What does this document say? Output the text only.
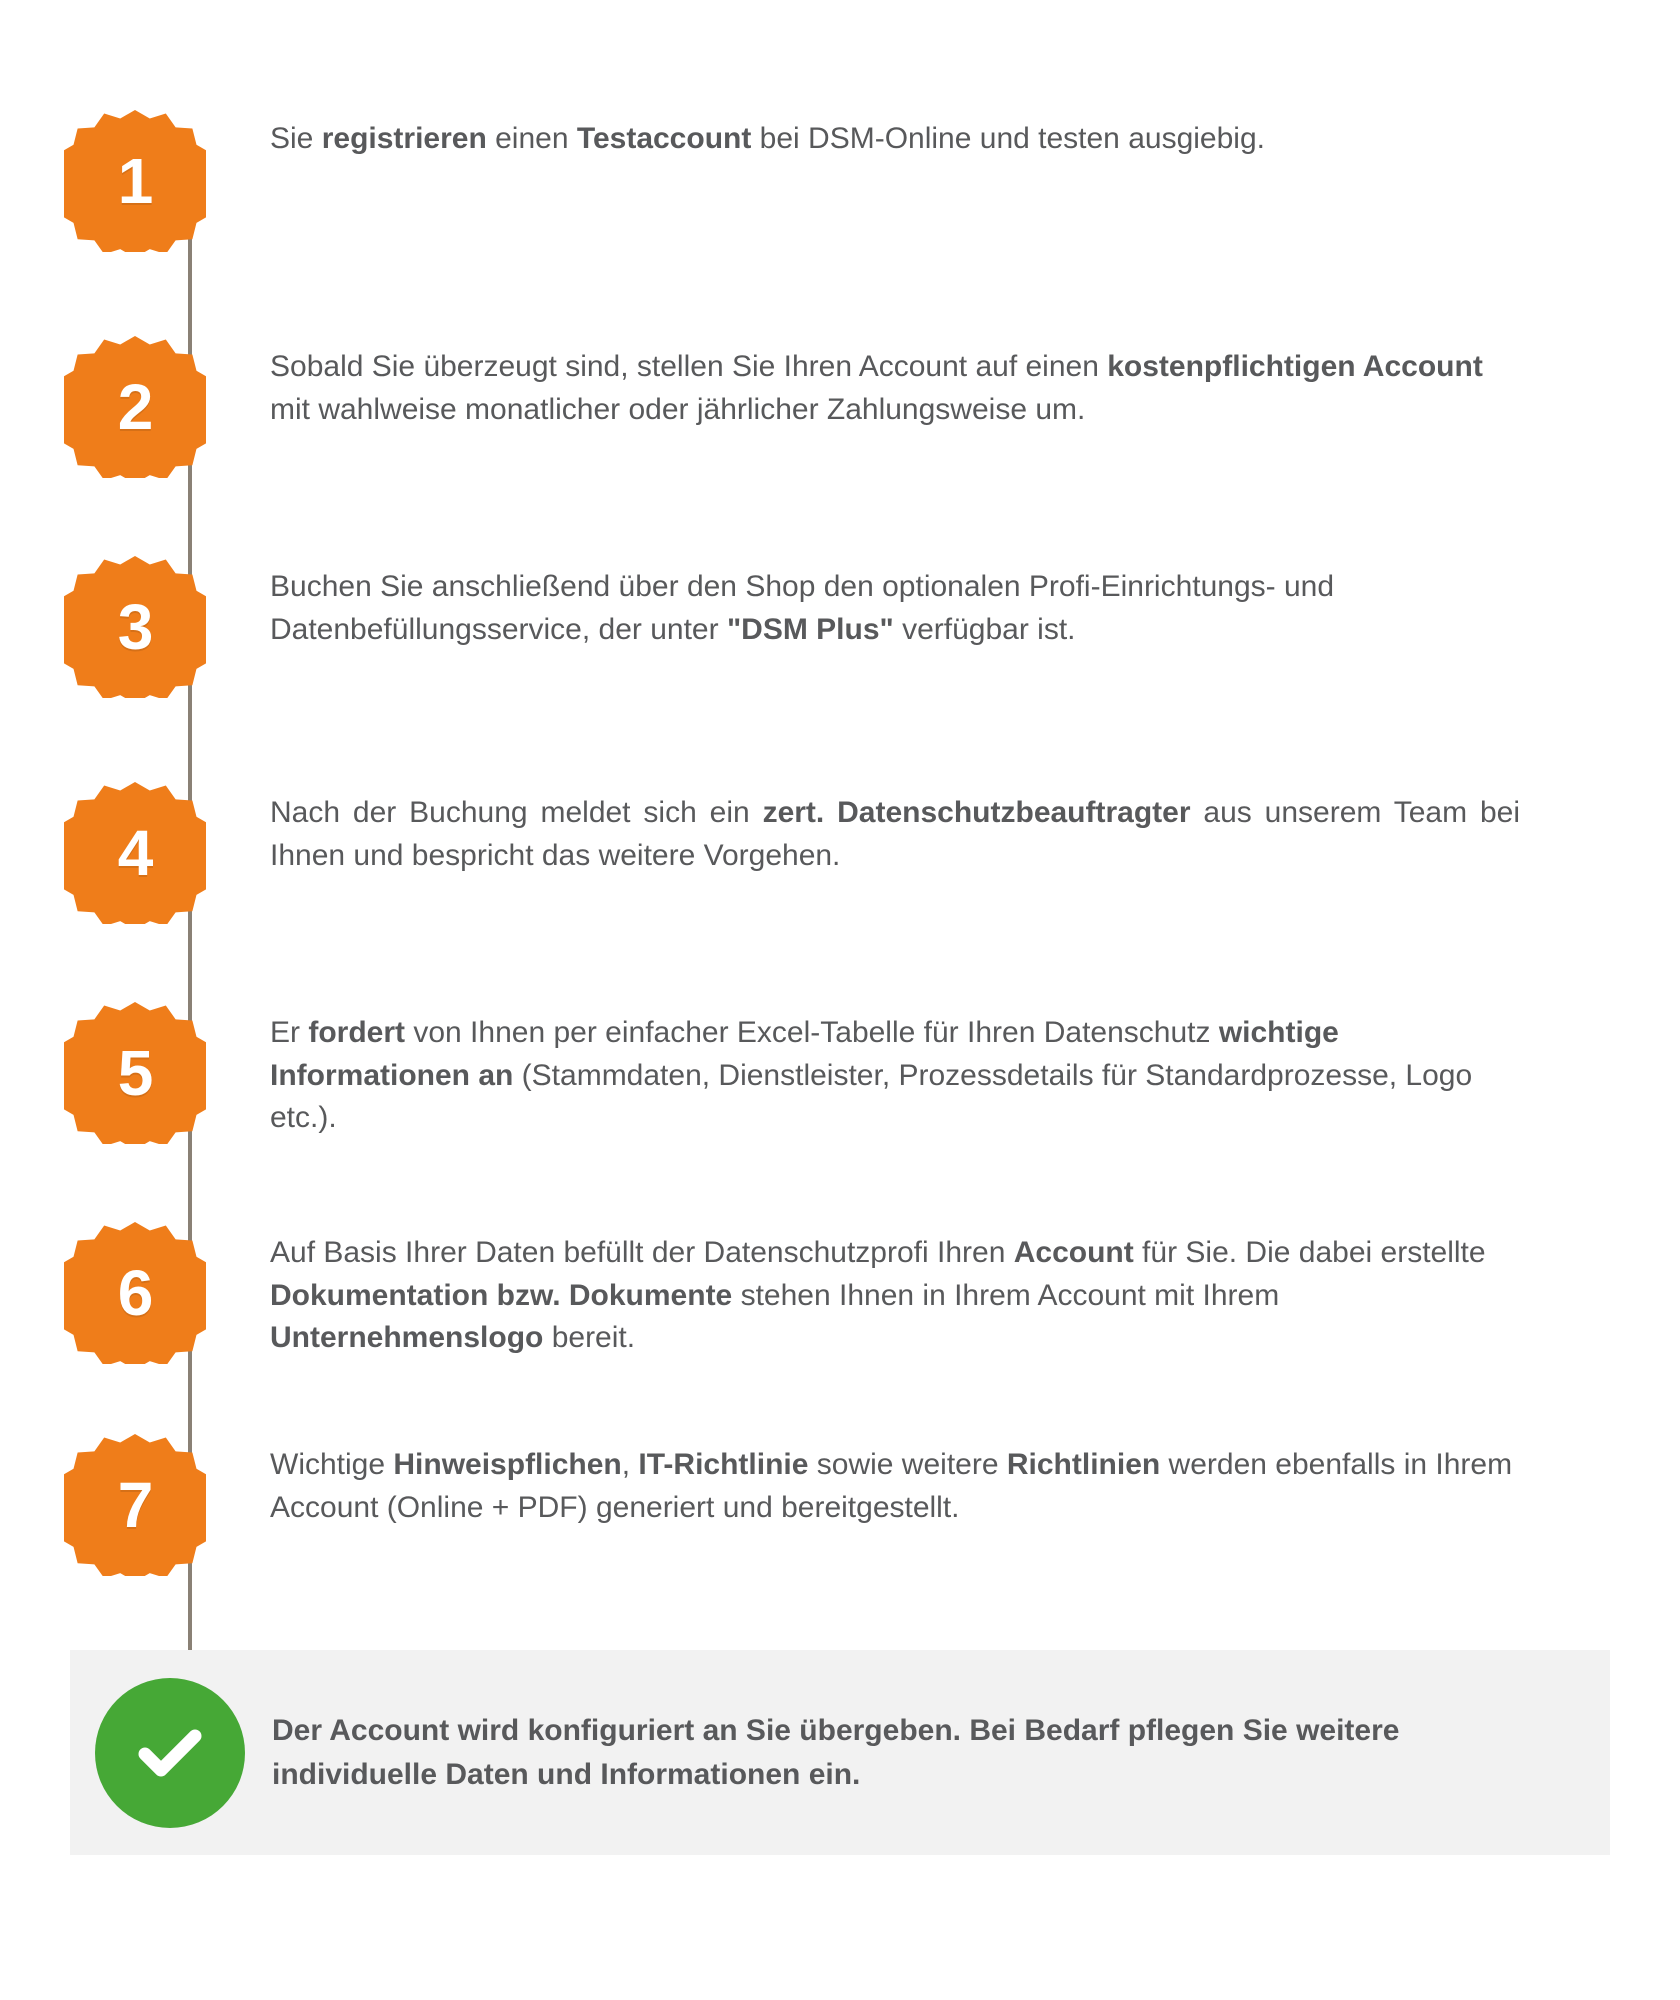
1
Sie registrieren einen Testaccount bei DSM-Online und testen ausgiebig.
2
Sobald Sie überzeugt sind, stellen Sie Ihren Account auf einen kostenpflichtigen Account mit wahlweise monatlicher oder jährlicher Zahlungsweise um.
3
Buchen Sie anschließend über den Shop den optionalen Profi-Einrichtungs- und Datenbefüllungsservice, der unter "DSM Plus" verfügbar ist.
4
Nach der Buchung meldet sich ein zert. Datenschutzbeauftragter aus unserem Team bei Ihnen und bespricht das weitere Vorgehen.
5
Er fordert von Ihnen per einfacher Excel-Tabelle für Ihren Datenschutz wichtige Informationen an (Stammdaten, Dienstleister, Prozessdetails für Standardprozesse, Logo etc.).
6
Auf Basis Ihrer Daten befüllt der Datenschutzprofi Ihren Account für Sie. Die dabei erstellte Dokumentation bzw. Dokumente stehen Ihnen in Ihrem Account mit Ihrem Unternehmenslogo bereit.
7
Wichtige Hinweispflichen, IT-Richtlinie sowie weitere Richtlinien werden ebenfalls in Ihrem Account (Online + PDF) generiert und bereitgestellt.
Der Account wird konfiguriert an Sie übergeben. Bei Bedarf pflegen Sie weitere individuelle Daten und Informationen ein.
